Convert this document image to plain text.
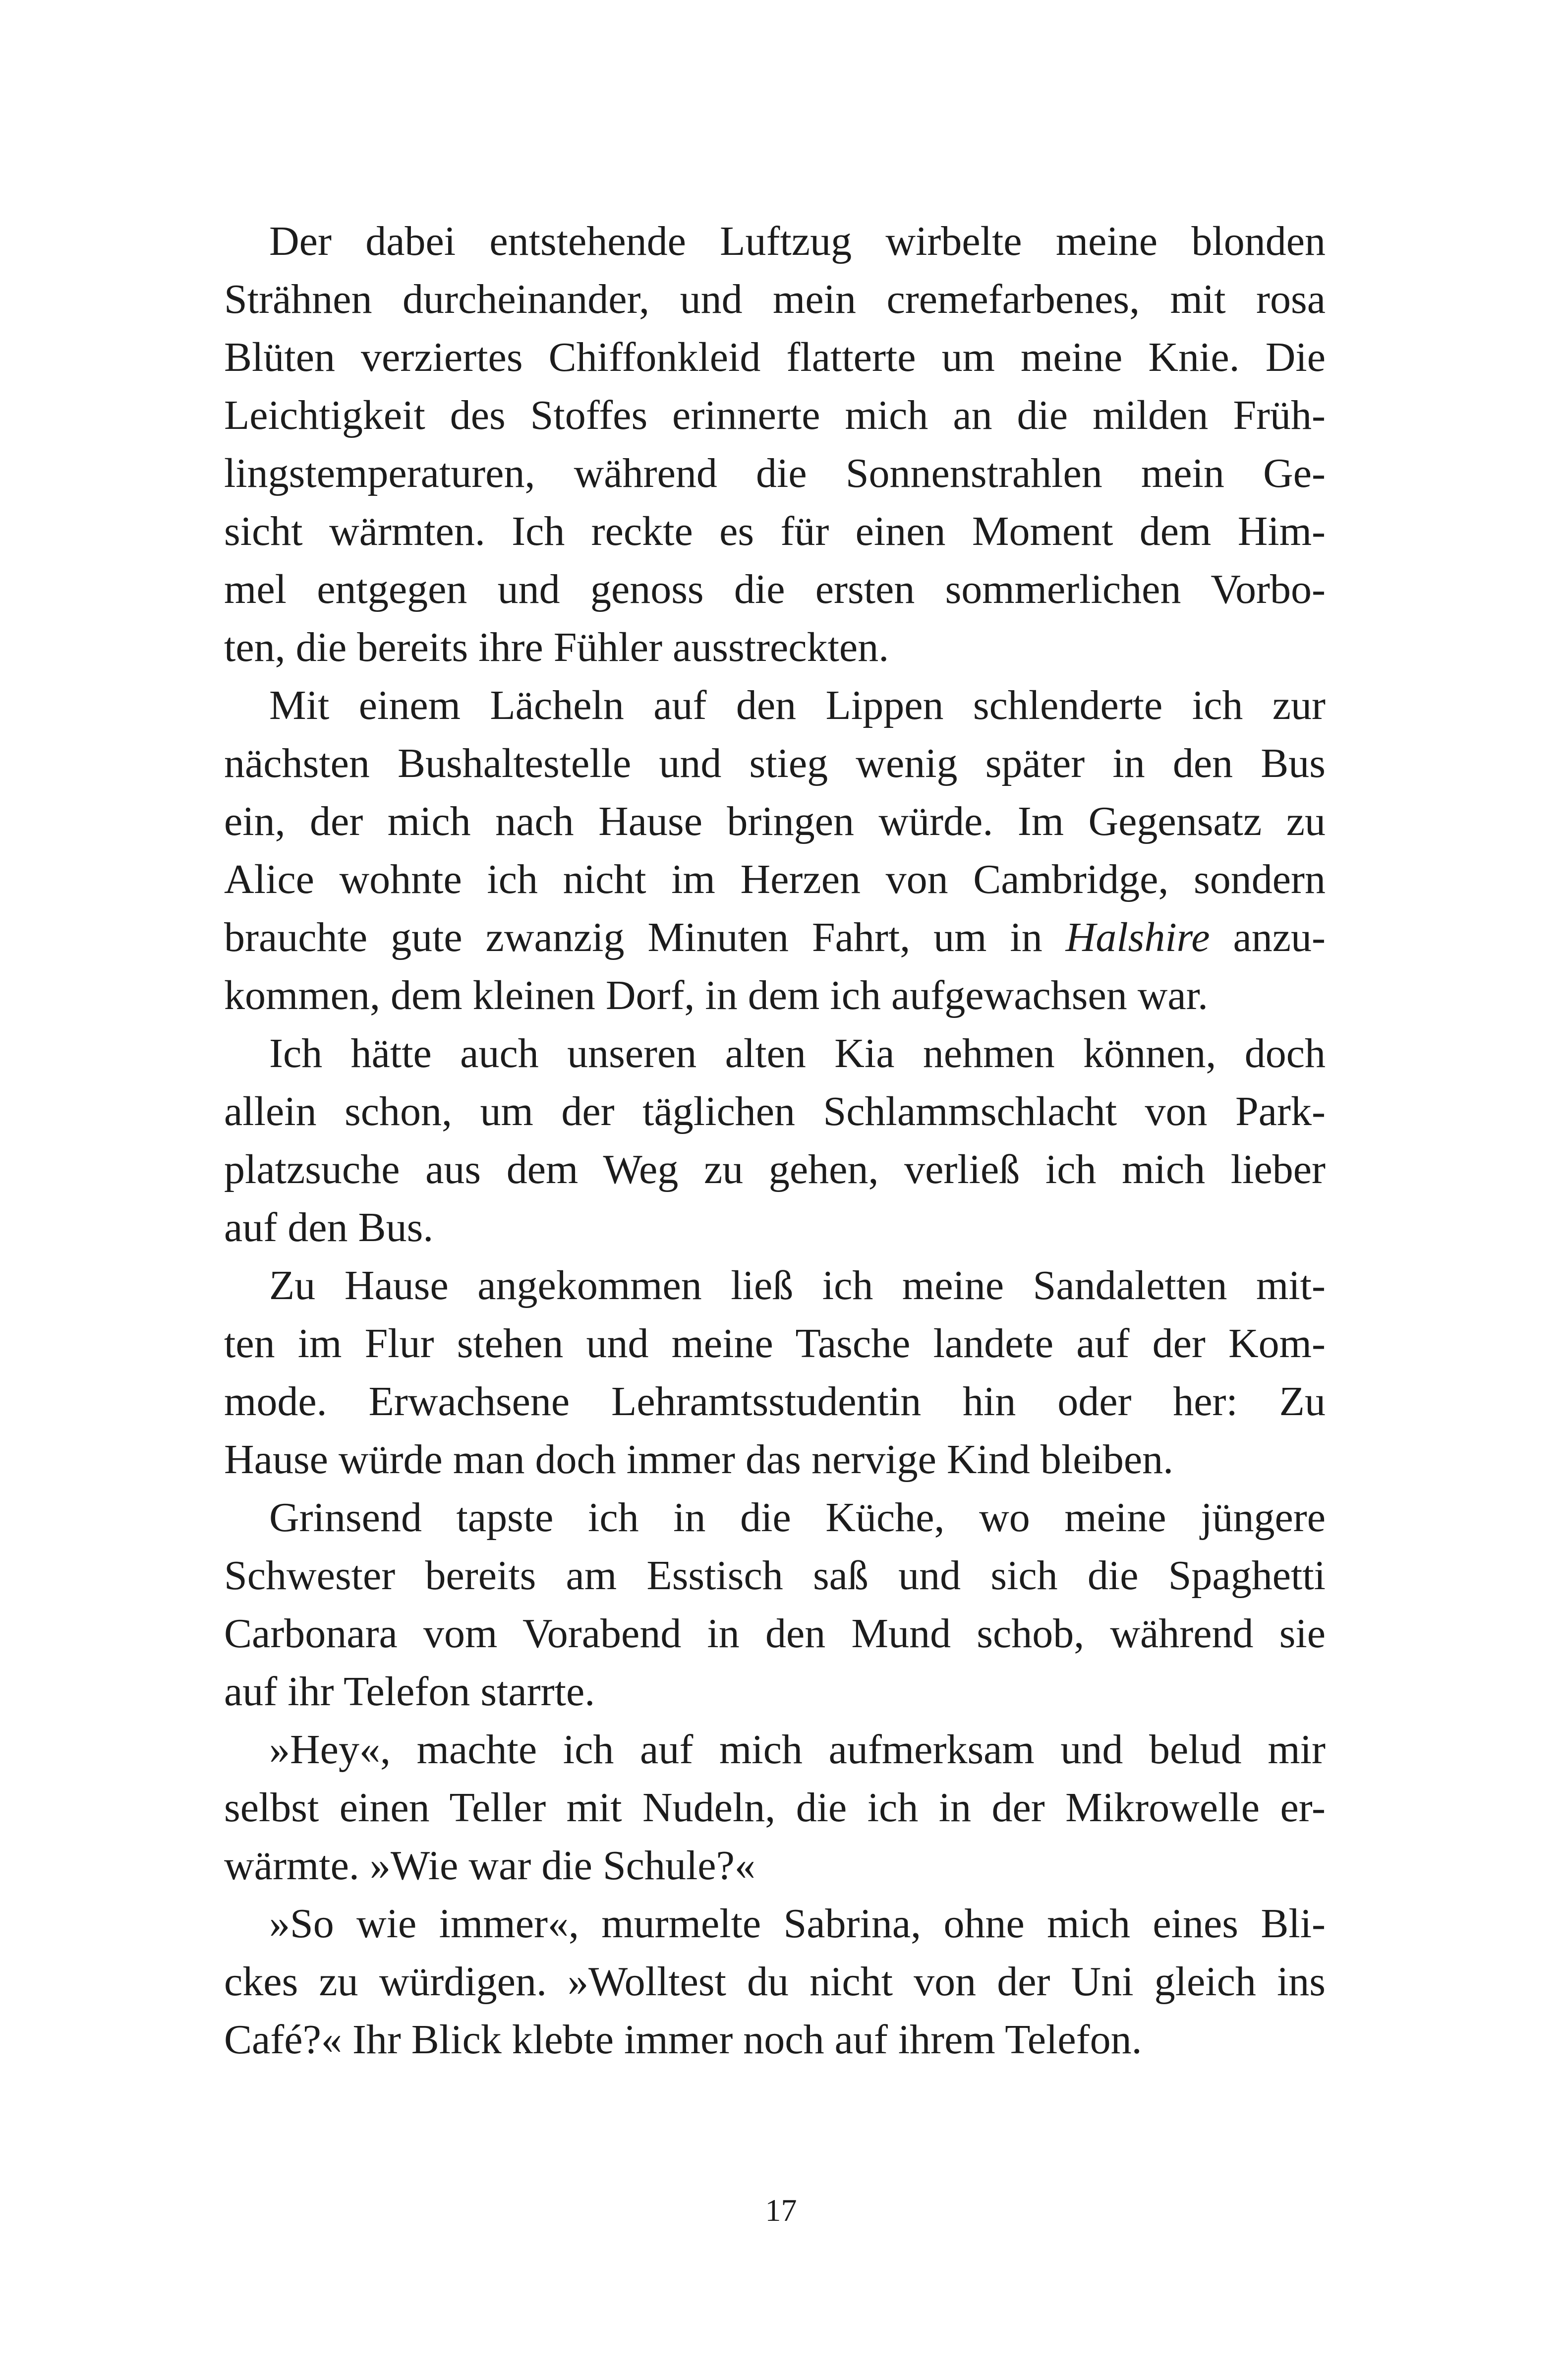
Der dabei entstehende Luftzug wirbelte meine blonden
Strähnen durcheinander, und mein cremefarbenes, mit rosa
Blüten verziertes Chiffonkleid flatterte um meine Knie. Die
Leichtigkeit des Stoffes erinnerte mich an die milden Früh-
lingstemperaturen, während die Sonnenstrahlen mein Ge-
sicht wärmten. Ich reckte es für einen Moment dem Him-
mel entgegen und genoss die ersten sommerlichen Vorbo-
ten, die bereits ihre Fühler ausstreckten.
Mit einem Lächeln auf den Lippen schlenderte ich zur
nächsten Bushaltestelle und stieg wenig später in den Bus
ein, der mich nach Hause bringen würde. Im Gegensatz zu
Alice wohnte ich nicht im Herzen von Cambridge, sondern
brauchte gute zwanzig Minuten Fahrt, um in Halshire anzu-
kommen, dem kleinen Dorf, in dem ich aufgewachsen war.
Ich hätte auch unseren alten Kia nehmen können, doch
allein schon, um der täglichen Schlammschlacht von Park-
platzsuche aus dem Weg zu gehen, verließ ich mich lieber
auf den Bus.
Zu Hause angekommen ließ ich meine Sandaletten mit-
ten im Flur stehen und meine Tasche landete auf der Kom-
mode. Erwachsene Lehramtsstudentin hin oder her: Zu
Hause würde man doch immer das nervige Kind bleiben.
Grinsend tapste ich in die Küche, wo meine jüngere
Schwester bereits am Esstisch saß und sich die Spaghetti
Carbonara vom Vorabend in den Mund schob, während sie
auf ihr Telefon starrte.
»Hey«, machte ich auf mich aufmerksam und belud mir
selbst einen Teller mit Nudeln, die ich in der Mikrowelle er-
wärmte. »Wie war die Schule?«
»So wie immer«, murmelte Sabrina, ohne mich eines Bli-
ckes zu würdigen. »Wolltest du nicht von der Uni gleich ins
Café?« Ihr Blick klebte immer noch auf ihrem Telefon.
17
